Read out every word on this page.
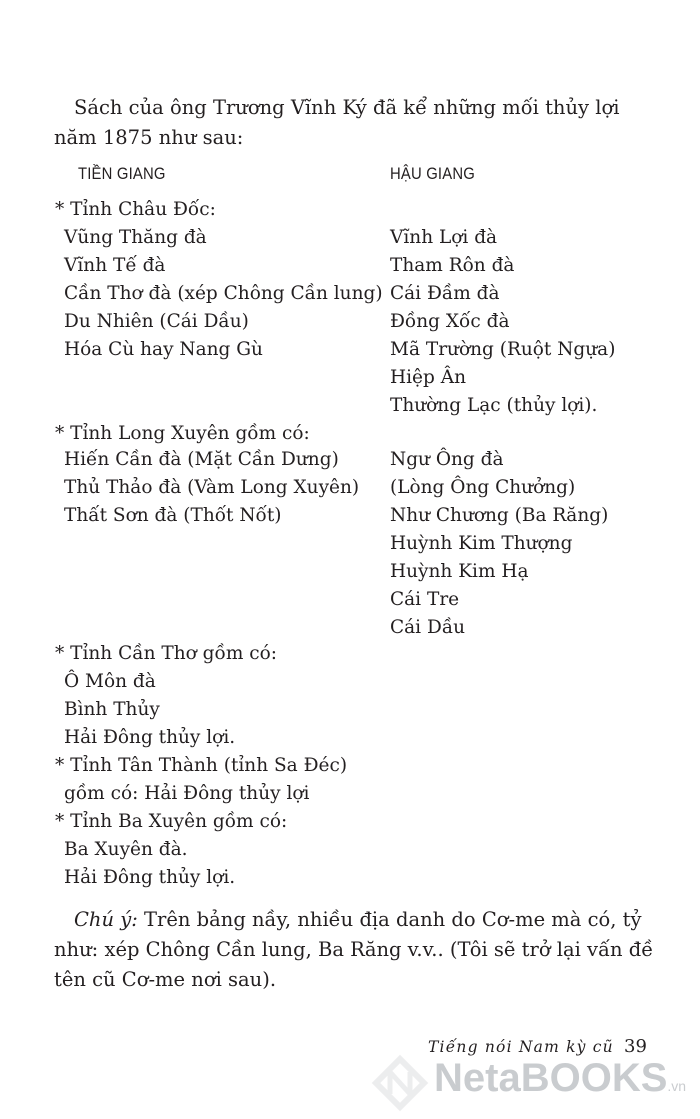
Sách của ông Trương Vĩnh Ký đã kể những mối thủy lợi năm 1875 như sau:

TIỀN GIANG	HẬU GIANG
* Tỉnh Châu Đốc:
Vũng Thăng đà
Vĩnh Tế đà
Cần Thơ đà (xép Chông Cần lung)
Du Nhiên (Cái Dầu)
Hóa Cù hay Nang Gù
Vĩnh Lợi đà
Tham Rôn đà
Cái Đầm đà
Đồng Xốc đà
Mã Trường (Ruột Ngựa)
Hiệp Ân
Thường Lạc (thủy lợi).
* Tỉnh Long Xuyên gồm có:
Hiến Cần đà (Mặt Cần Dưng)
Thủ Thảo đà (Vàm Long Xuyên)
Thất Sơn đà (Thốt Nốt)
Ngư Ông đà
(Lòng Ông Chưởng)
Như Chương (Ba Răng)
Huỳnh Kim Thượng
Huỳnh Kim Hạ
Cái Tre
Cái Dầu
* Tỉnh Cần Thơ gồm có:
Ô Môn đà
Bình Thủy
Hải Đông thủy lợi.
* Tỉnh Tân Thành (tỉnh Sa Đéc)
gồm có: Hải Đông thủy lợi
* Tỉnh Ba Xuyên gồm có:
Ba Xuyên đà.
Hải Đông thủy lợi.

Chú ý: Trên bảng nầy, nhiều địa danh do Cơ-me mà có, tỷ như: xép Chông Cần lung, Ba Răng v.v.. (Tôi sẽ trở lại vấn đề tên cũ Cơ-me nơi sau).

NetaBOOKS.vn
Tiếng nói Nam kỳ cũ 39
